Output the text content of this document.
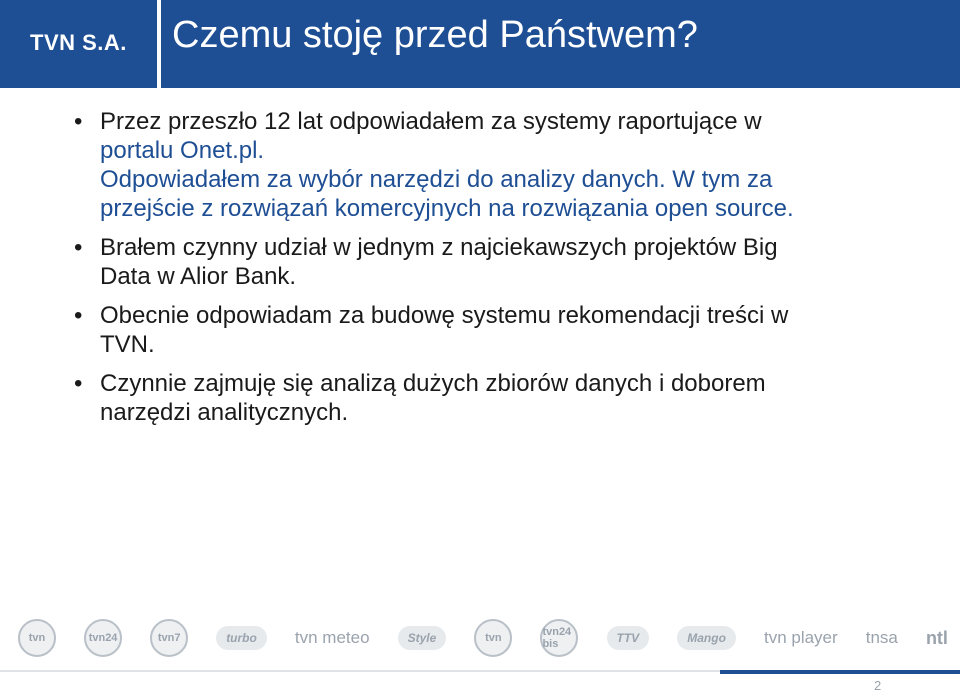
TVN S.A. Czemu stoję przed Państwem?
• Przez przeszło 12 lat odpowiadałem za systemy raportujące w
portalu Onet.pl.
Odpowiadałem za wybór narzędzi do analizy danych. W tym za
przejście z rozwiązań komercyjnych na rozwiązania open source.
• Brałem czynny udział w jednym z najciekawszych projektów Big
Data w Alior Bank.
• Obecnie odpowiadam za budowę systemu rekomendacji treści w
TVN.
• Czynnie zajmuję się analizą dużych zbiorów danych i doborem
narzędzi analitycznych.
tvn	tvn24	tvn7	turbo	tvn meteo	Style	tvn	tvn24 bis	TTV	Mango	tvn player tnsa ntl
2
